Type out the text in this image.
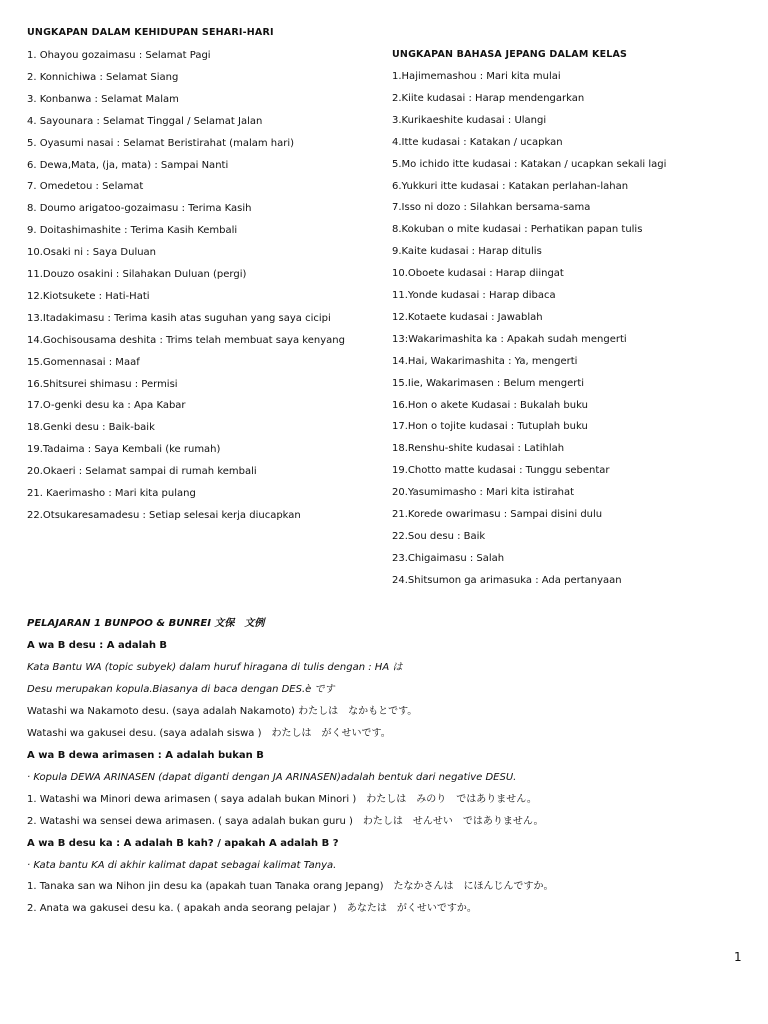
UNGKAPAN DALAM KEHIDUPAN SEHARI-HARI
1. Ohayou gozaimasu : Selamat Pagi
2. Konnichiwa : Selamat Siang
3. Konbanwa : Selamat Malam
4. Sayounara : Selamat Tinggal / Selamat Jalan
5. Oyasumi nasai : Selamat Beristirahat (malam hari)
6. Dewa,Mata, (ja, mata) : Sampai Nanti
7. Omedetou : Selamat
8. Doumo arigatoo-gozaimasu : Terima Kasih
9. Doitashimashite : Terima Kasih Kembali
10.Osaki ni : Saya Duluan
11.Douzo osakini : Silahakan Duluan (pergi)
12.Kiotsukete : Hati-Hati
13.Itadakimasu : Terima kasih atas suguhan yang saya cicipi
14.Gochisousama deshita : Trims telah membuat saya kenyang
15.Gomennasai : Maaf
16.Shitsurei shimasu : Permisi
17.O-genki desu ka : Apa Kabar
18.Genki desu : Baik-baik
19.Tadaima : Saya Kembali (ke rumah)
20.Okaeri : Selamat sampai di rumah kembali
21. Kaerimasho : Mari kita pulang
22.Otsukaresamadesu : Setiap selesai kerja diucapkan
UNGKAPAN BAHASA JEPANG DALAM KELAS
1.Hajimemashou : Mari kita mulai
2.Kiite kudasai : Harap mendengarkan
3.Kurikaeshite kudasai : Ulangi
4.Itte kudasai : Katakan / ucapkan
5.Mo ichido itte kudasai : Katakan / ucapkan sekali lagi
6.Yukkuri itte kudasai : Katakan perlahan-lahan
7.Isso ni dozo : Silahkan bersama-sama
8.Kokuban o mite kudasai : Perhatikan papan tulis
9.Kaite kudasai : Harap ditulis
10.Oboete kudasai : Harap diingat
11.Yonde kudasai : Harap dibaca
12.Kotaete kudasai : Jawablah
13:Wakarimashita ka : Apakah sudah mengerti
14.Hai, Wakarimashita : Ya, mengerti
15.Iie, Wakarimasen : Belum mengerti
16.Hon o akete Kudasai : Bukalah buku
17.Hon o tojite kudasai : Tutuplah buku
18.Renshu-shite kudasai : Latihlah
19.Chotto matte kudasai : Tunggu sebentar
20.Yasumimasho : Mari kita istirahat
21.Korede owarimasu : Sampai disini dulu
22.Sou desu : Baik
23.Chigaimasu : Salah
24.Shitsumon ga arimasuka : Ada pertanyaan
PELAJARAN 1 BUNPOO & BUNREI 文保　文例
A wa B desu : A adalah B
Kata Bantu WA (topic subyek) dalam huruf hiragana di tulis dengan : HA は
Desu merupakan kopula.Biasanya di baca dengan DES.è です
Watashi wa Nakamoto desu. (saya adalah Nakamoto) わたしは　なかもとです。
Watashi wa gakusei desu. (saya adalah siswa )　わたしは　がくせいです。
A wa B dewa arimasen : A adalah bukan B
· Kopula DEWA ARINASEN (dapat diganti dengan JA ARINASEN)adalah bentuk dari negative DESU.
1. Watashi wa Minori dewa arimasen ( saya adalah bukan Minori )　わたしは　みのり　ではありません。
2. Watashi wa sensei dewa arimasen. ( saya adalah bukan guru )　わたしは　せんせい　ではありません。
A wa B desu ka : A adalah B kah? / apakah A adalah B ?
· Kata bantu KA di akhir kalimat dapat sebagai kalimat Tanya.
1. Tanaka san wa Nihon jin desu ka (apakah tuan Tanaka orang Jepang)　たなかさんは　にほんじんですか。
2. Anata wa gakusei desu ka. ( apakah anda seorang pelajar )　あなたは　がくせいですか。
1
